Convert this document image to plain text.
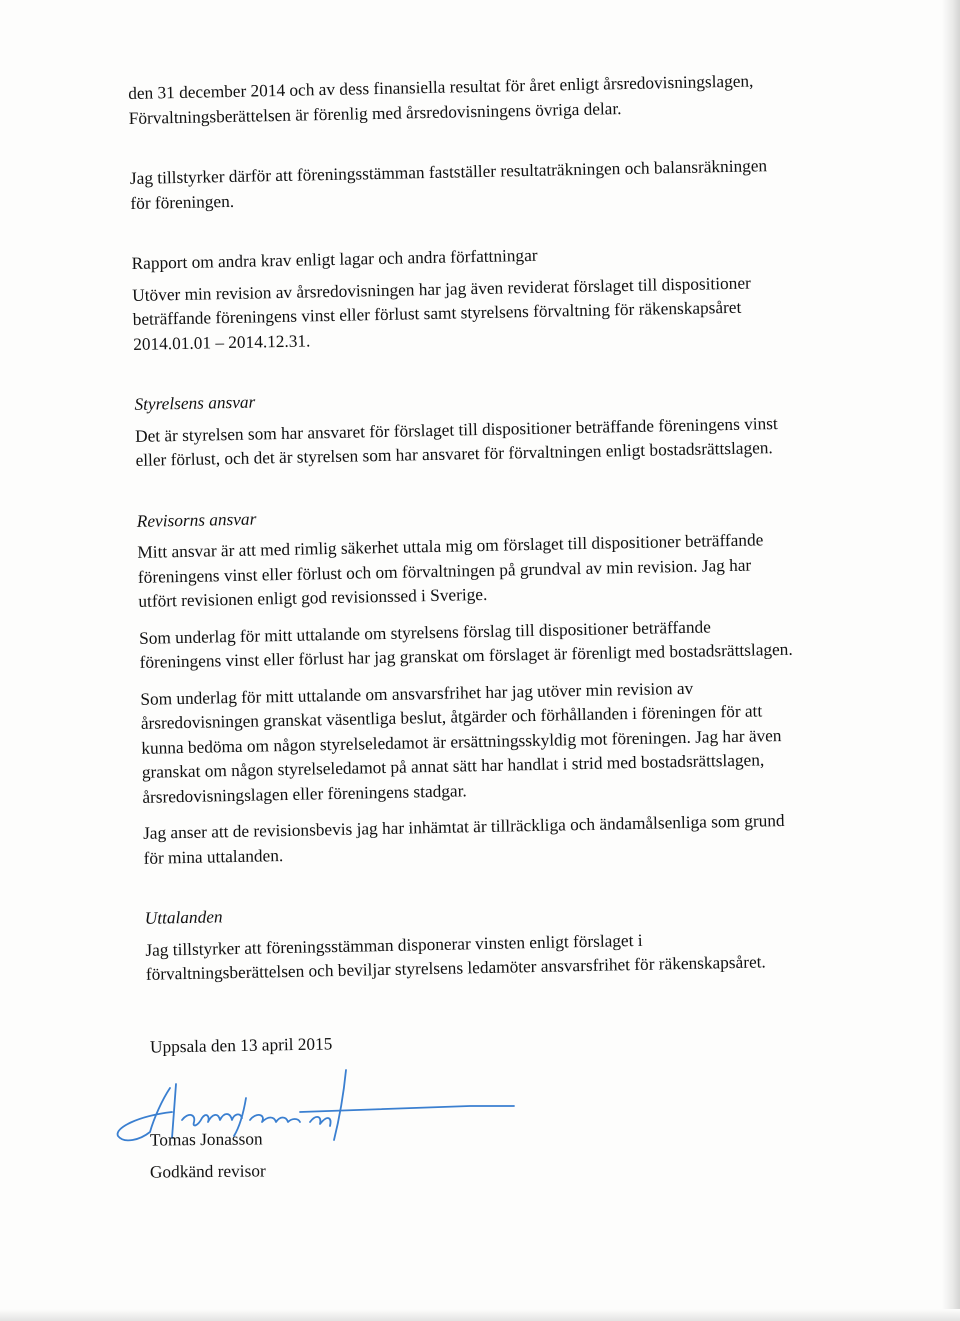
den 31 december 2014 och av dess finansiella resultat för året enligt årsredovisningslagen,

Förvaltningsberättelsen är förenlig med årsredovisningens övriga delar.

Jag tillstyrker därför att föreningsstämman fastställer resultaträkningen och balansräkningen

för föreningen.

Rapport om andra krav enligt lagar och andra författningar

Utöver min revision av årsredovisningen har jag även reviderat förslaget till dispositioner

beträffande föreningens vinst eller förlust samt styrelsens förvaltning för räkenskapsåret

2014.01.01 – 2014.12.31.

Styrelsens ansvar

Det är styrelsen som har ansvaret för förslaget till dispositioner beträffande föreningens vinst

eller förlust, och det är styrelsen som har ansvaret för förvaltningen enligt bostadsrättslagen.

Revisorns ansvar

Mitt ansvar är att med rimlig säkerhet uttala mig om förslaget till dispositioner beträffande

föreningens vinst eller förlust och om förvaltningen på grundval av min revision. Jag har

utfört revisionen enligt god revisionssed i Sverige.

Som underlag för mitt uttalande om styrelsens förslag till dispositioner beträffande

föreningens vinst eller förlust har jag granskat om förslaget är förenligt med bostadsrättslagen.

Som underlag för mitt uttalande om ansvarsfrihet har jag utöver min revision av

årsredovisningen granskat väsentliga beslut, åtgärder och förhållanden i föreningen för att

kunna bedöma om någon styrelseledamot är ersättningsskyldig mot föreningen. Jag har även

granskat om någon styrelseledamot på annat sätt har handlat i strid med bostadsrättslagen,

årsredovisningslagen eller föreningens stadgar.

Jag anser att de revisionsbevis jag har inhämtat är tillräckliga och ändamålsenliga som grund

för mina uttalanden.

Uttalanden

Jag tillstyrker att föreningsstämman disponerar vinsten enligt förslaget i

förvaltningsberättelsen och beviljar styrelsens ledamöter ansvarsfrihet för räkenskapsåret.

Uppsala den 13 april 2015

Tomas Jonasson

Godkänd revisor
